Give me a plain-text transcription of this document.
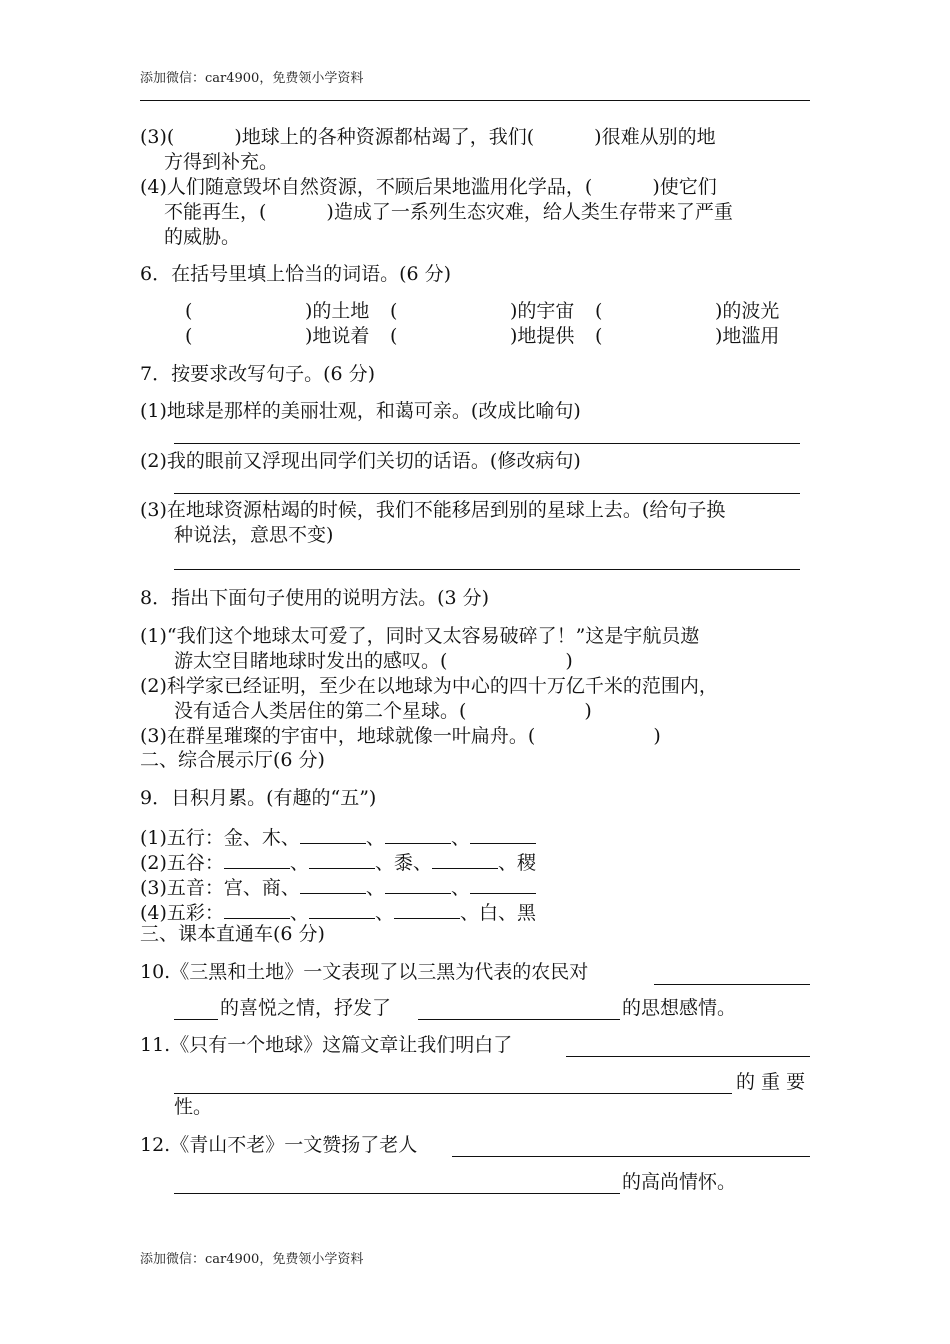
添加微信：car4900，免费领小学资料
(3)(	)地球上的各种资源都枯竭了，我们(	)很难从别的地
方得到补充。
(4)人们随意毁坏自然资源，不顾后果地滥用化学品，(	)使它们
不能再生，(	)造成了一系列生态灾难，给人类生存带来了严重
的威胁。
6．在括号里填上恰当的词语。(6 分)
(	)的土地 (	)的宇宙 (	)的波光
(	)地说着 (	)地提供 (	)地滥用
7．按要求改写句子。(6 分)
(1)地球是那样的美丽壮观，和蔼可亲。(改成比喻句)
(2)我的眼前又浮现出同学们关切的话语。(修改病句)
(3)在地球资源枯竭的时候，我们不能移居到别的星球上去。(给句子换
种说法，意思不变)
8．指出下面句子使用的说明方法。(3 分)
(1)“我们这个地球太可爱了，同时又太容易破碎了！”这是宇航员遨
游太空目睹地球时发出的感叹。(	)
(2)科学家已经证明，至少在以地球为中心的四十万亿千米的范围内，
没有适合人类居住的第二个星球。(	)
(3)在群星璀璨的宇宙中，地球就像一叶扁舟。(	)
二、综合展示厅(6 分)
9．日积月累。(有趣的“五”)
(1)五行：金、木、	、	、
(2)五谷：	、	、黍、	、稷
(3)五音：宫、商、	、	、
(4)五彩：	、	、	、白、黑
三、课本直通车(6 分)
10.《三黑和土地》一文表现了以三黑为代表的农民对
的喜悦之情，抒发了	的思想感情。
11.《只有一个地球》这篇文章让我们明白了
的 重 要
性。
12.《青山不老》一文赞扬了老人
的高尚情怀。
添加微信：car4900，免费领小学资料
